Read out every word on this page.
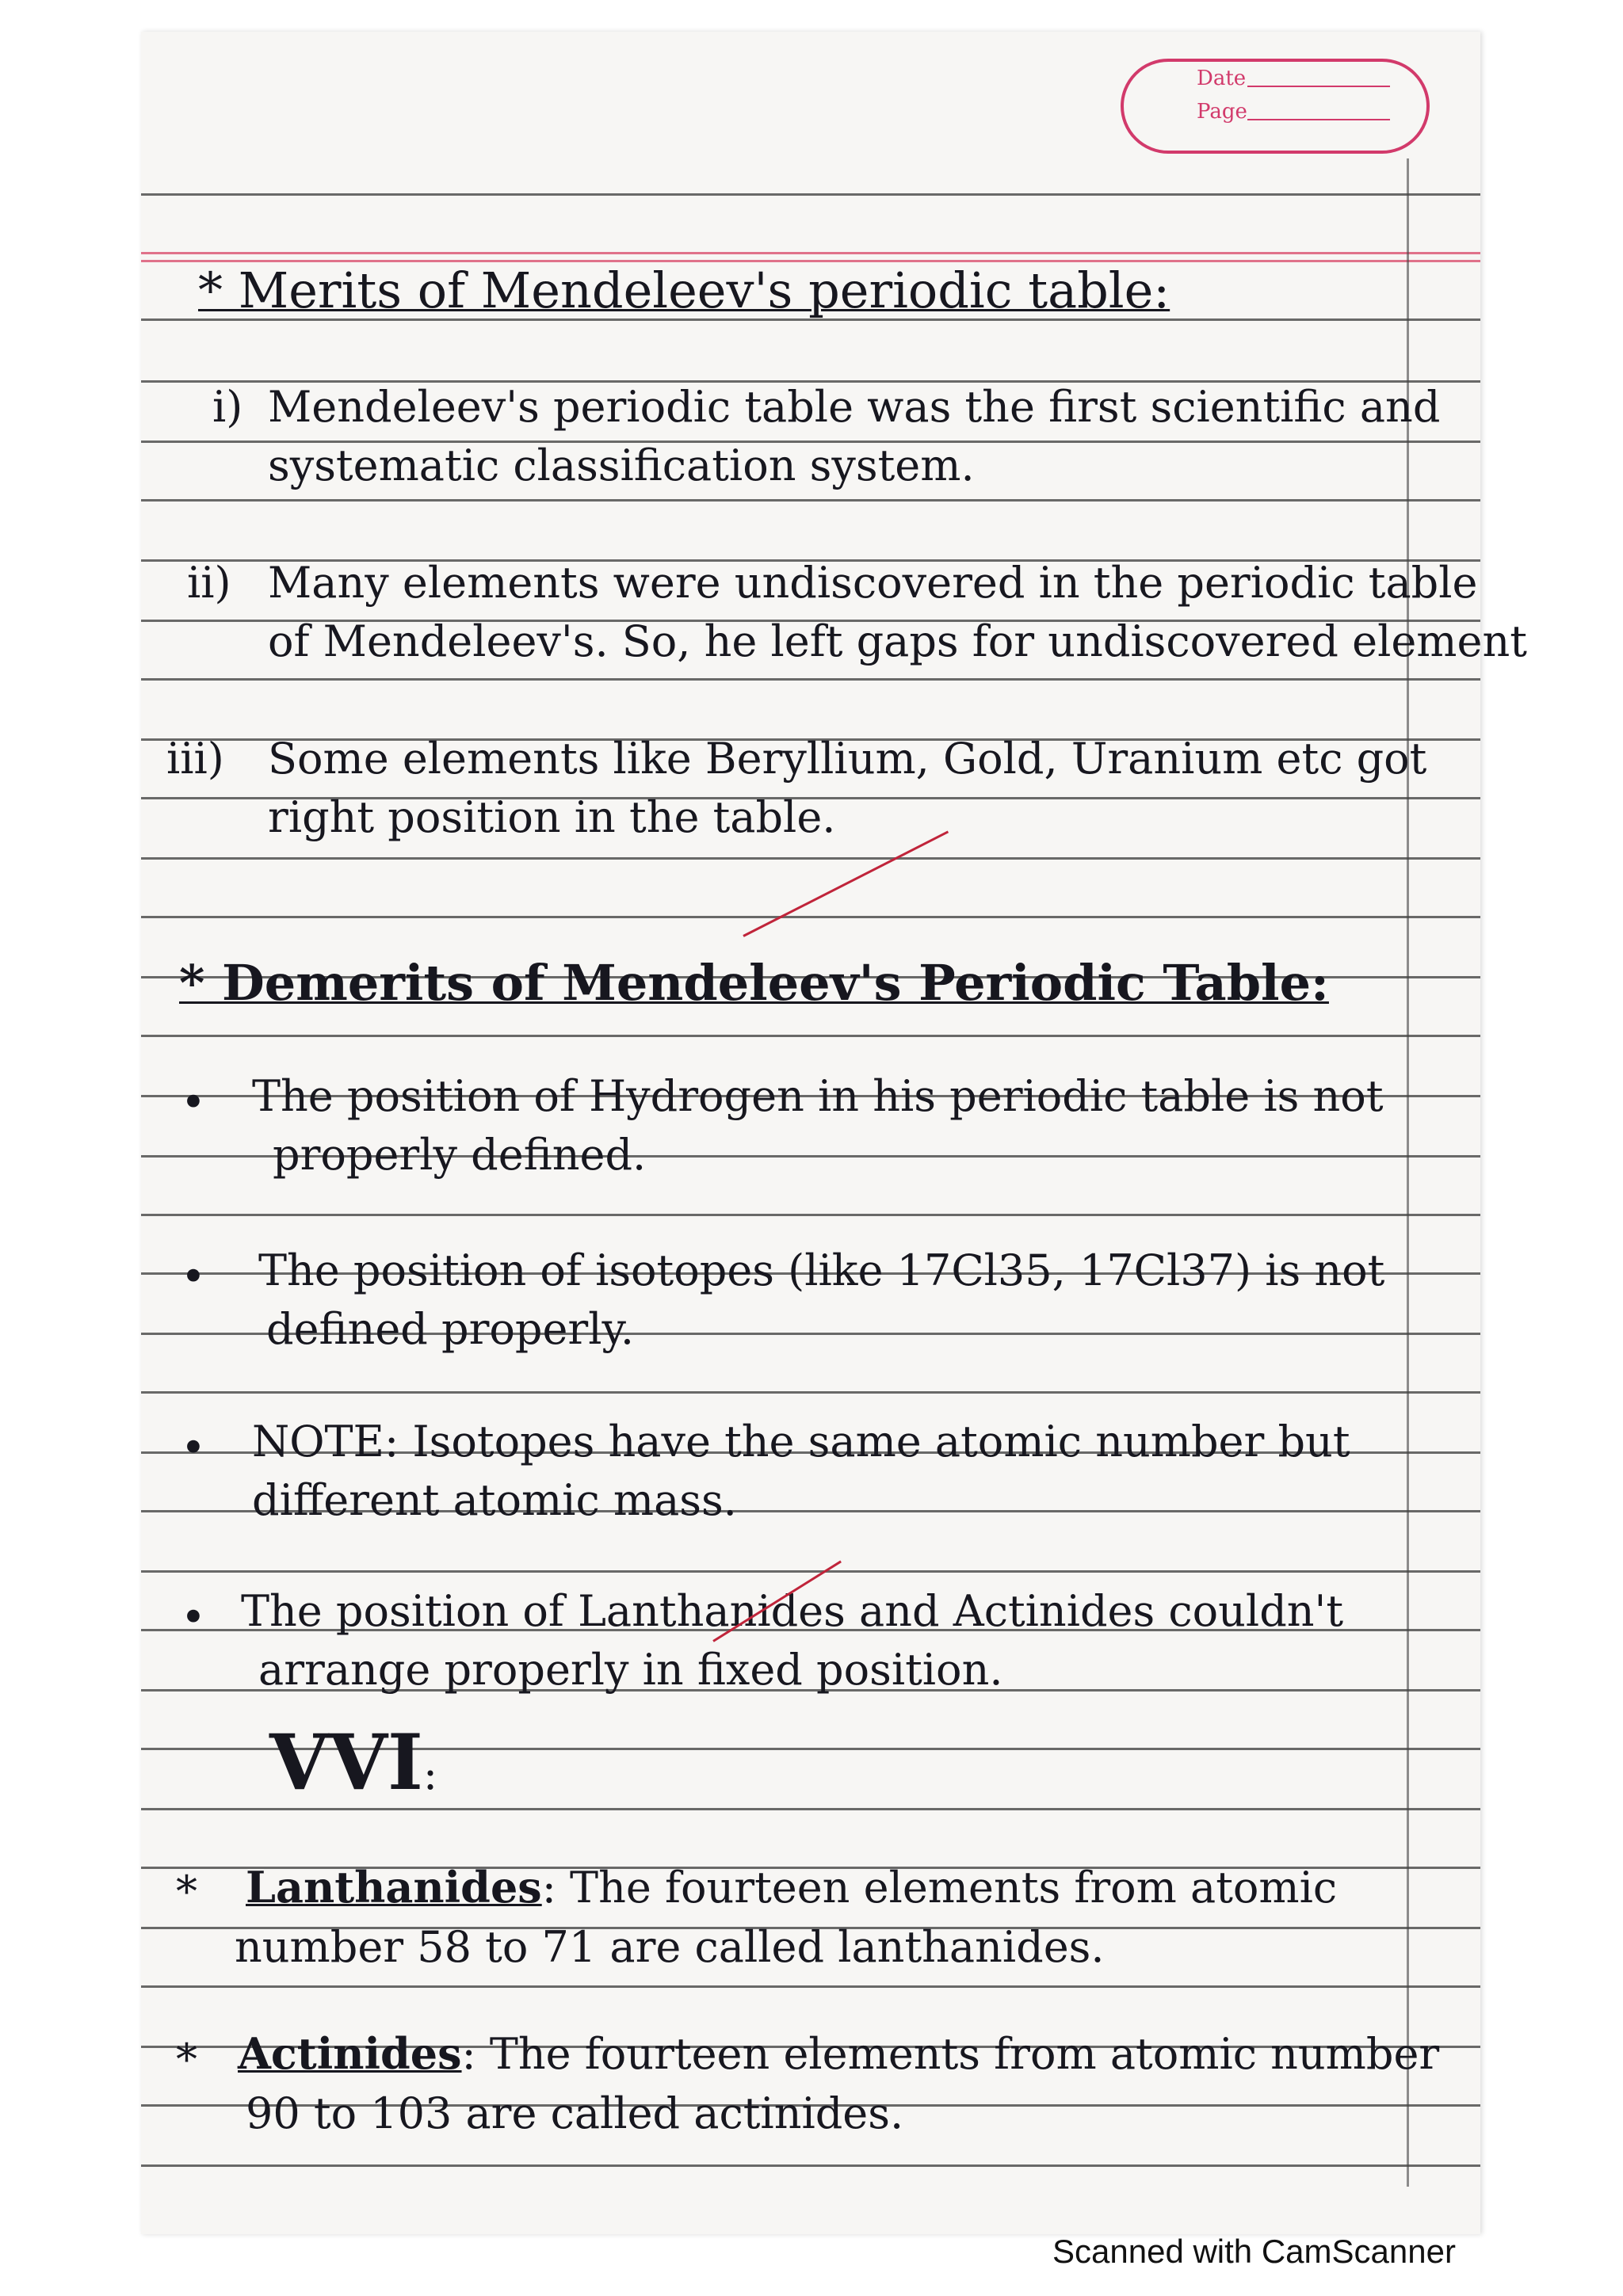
Date
Page
* Merits of Mendeleev's periodic table:
i) Mendeleev's periodic table was the first scientific and
systematic classification system.
ii) Many elements were undiscovered in the periodic table
of Mendeleev's. So, he left gaps for undiscovered element
iii) Some elements like Beryllium, Gold, Uranium etc got
right position in the table.
* Demerits of Mendeleev's Periodic Table:
• The position of Hydrogen in his periodic table is not
properly defined.
• The position of isotopes (like 17Cl35, 17Cl37) is not
defined properly.
• NOTE: Isotopes have the same atomic number but
different atomic mass.
• The position of Lanthanides and Actinides couldn't
arrange properly in fixed position.
VVI:
* Lanthanides: The fourteen elements from atomic
number 58 to 71 are called lanthanides.
* Actinides: The fourteen elements from atomic number
90 to 103 are called actinides.
Scanned with CamScanner
